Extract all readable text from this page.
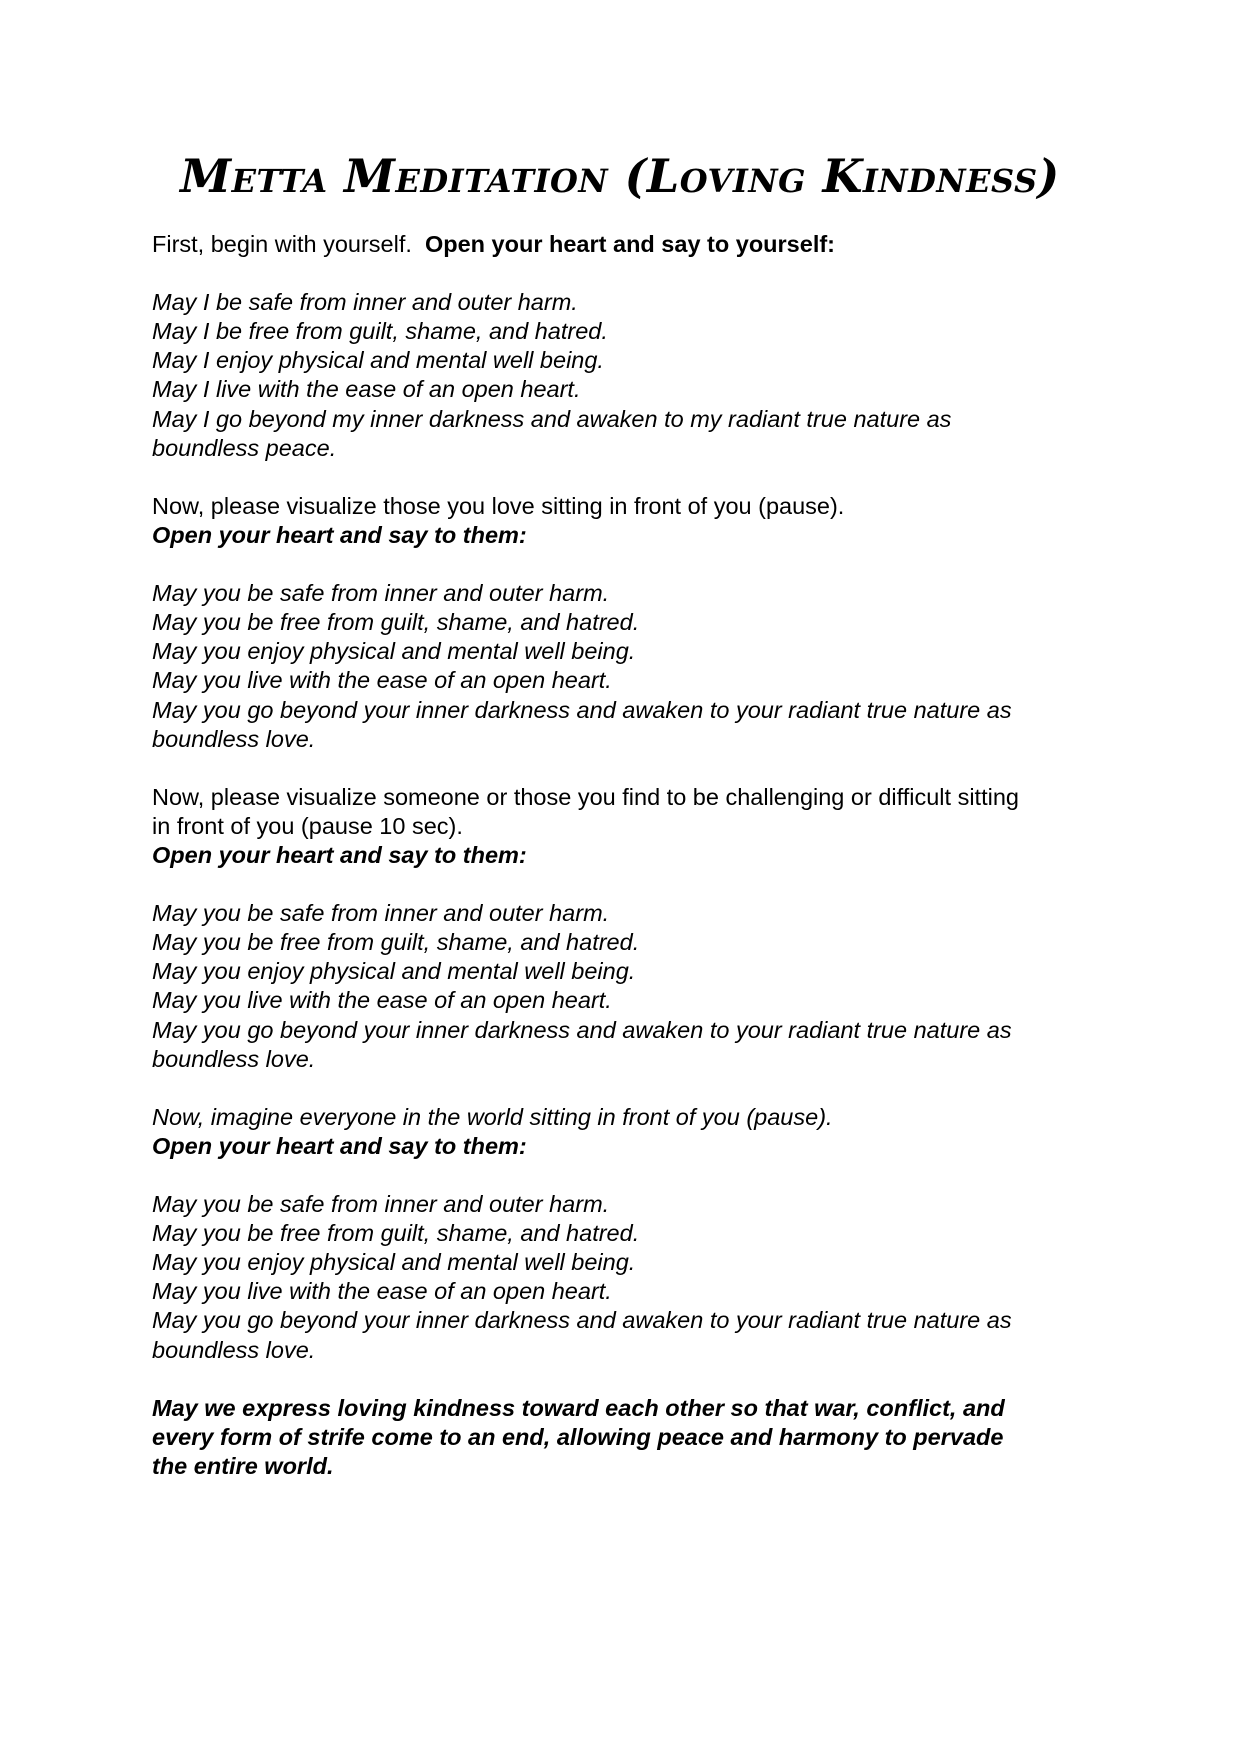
Metta Meditation (Loving Kindness)

First, begin with yourself. Open your heart and say to yourself:

May I be safe from inner and outer harm.
May I be free from guilt, shame, and hatred.
May I enjoy physical and mental well being.
May I live with the ease of an open heart.
May I go beyond my inner darkness and awaken to my radiant true nature as
boundless peace.

Now, please visualize those you love sitting in front of you (pause).
Open your heart and say to them:

May you be safe from inner and outer harm.
May you be free from guilt, shame, and hatred.
May you enjoy physical and mental well being.
May you live with the ease of an open heart.
May you go beyond your inner darkness and awaken to your radiant true nature as
boundless love.

Now, please visualize someone or those you find to be challenging or difficult sitting
in front of you (pause 10 sec).
Open your heart and say to them:

May you be safe from inner and outer harm.
May you be free from guilt, shame, and hatred.
May you enjoy physical and mental well being.
May you live with the ease of an open heart.
May you go beyond your inner darkness and awaken to your radiant true nature as
boundless love.

Now, imagine everyone in the world sitting in front of you (pause).
Open your heart and say to them:

May you be safe from inner and outer harm.
May you be free from guilt, shame, and hatred.
May you enjoy physical and mental well being.
May you live with the ease of an open heart.
May you go beyond your inner darkness and awaken to your radiant true nature as
boundless love.

May we express loving kindness toward each other so that war, conflict, and
every form of strife come to an end, allowing peace and harmony to pervade
the entire world.
